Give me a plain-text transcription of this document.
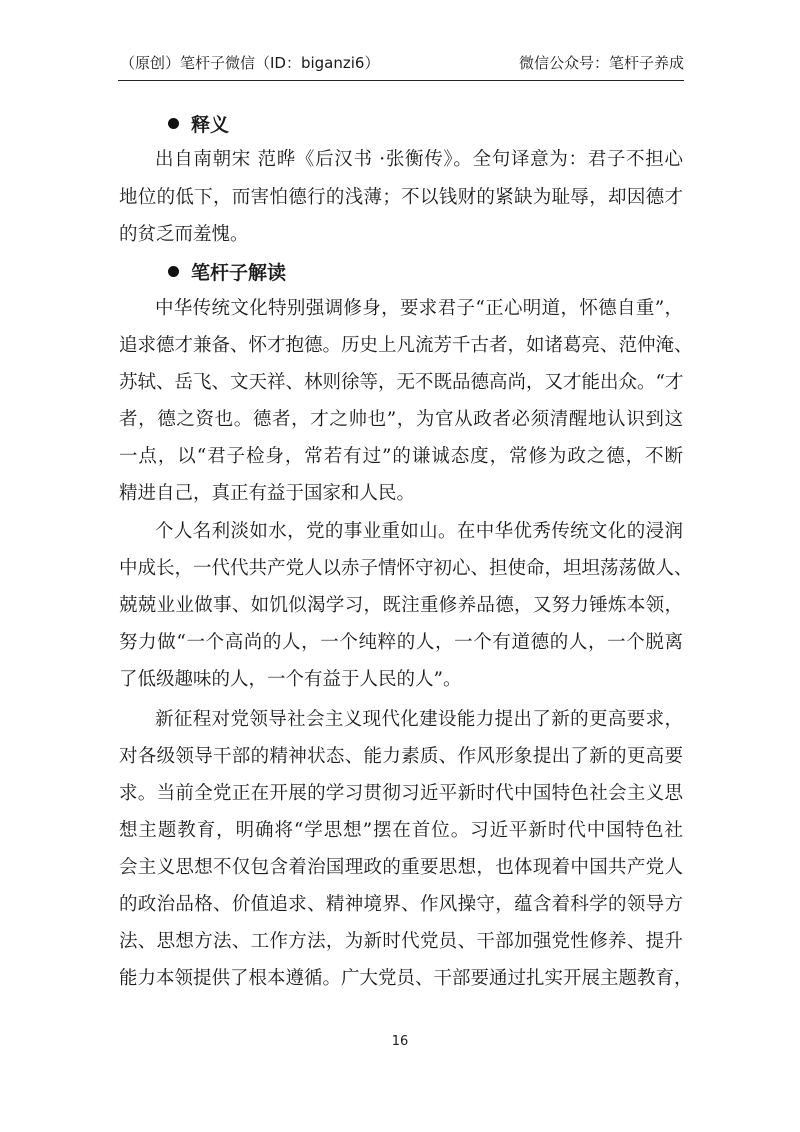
（原创）笔杆子微信（ID：biganzi6）	微信公众号：笔杆子养成
释义
出自南朝宋 范晔《后汉书 ·张衡传》。全句译意为：君子不担心
地位的低下，而害怕德行的浅薄；不以钱财的紧缺为耻辱，却因德才
的贫乏而羞愧。
笔杆子解读
中华传统文化特别强调修身，要求君子“正心明道，怀德自重”，
追求德才兼备、怀才抱德。历史上凡流芳千古者，如诸葛亮、范仲淹、
苏轼、岳飞、文天祥、林则徐等，无不既品德高尚，又才能出众。“才
者，德之资也。德者，才之帅也”，为官从政者必须清醒地认识到这
一点，以“君子检身，常若有过”的谦诚态度，常修为政之德，不断
精进自己，真正有益于国家和人民。
个人名利淡如水，党的事业重如山。在中华优秀传统文化的浸润
中成长，一代代共产党人以赤子情怀守初心、担使命，坦坦荡荡做人、
兢兢业业做事、如饥似渴学习，既注重修养品德，又努力锤炼本领，
努力做“一个高尚的人，一个纯粹的人，一个有道德的人，一个脱离
了低级趣味的人，一个有益于人民的人”。
新征程对党领导社会主义现代化建设能力提出了新的更高要求，
对各级领导干部的精神状态、能力素质、作风形象提出了新的更高要
求。当前全党正在开展的学习贯彻习近平新时代中国特色社会主义思
想主题教育，明确将“学思想”摆在首位。习近平新时代中国特色社
会主义思想不仅包含着治国理政的重要思想，也体现着中国共产党人
的政治品格、价值追求、精神境界、作风操守，蕴含着科学的领导方
法、思想方法、工作方法，为新时代党员、干部加强党性修养、提升
能力本领提供了根本遵循。广大党员、干部要通过扎实开展主题教育，
16
